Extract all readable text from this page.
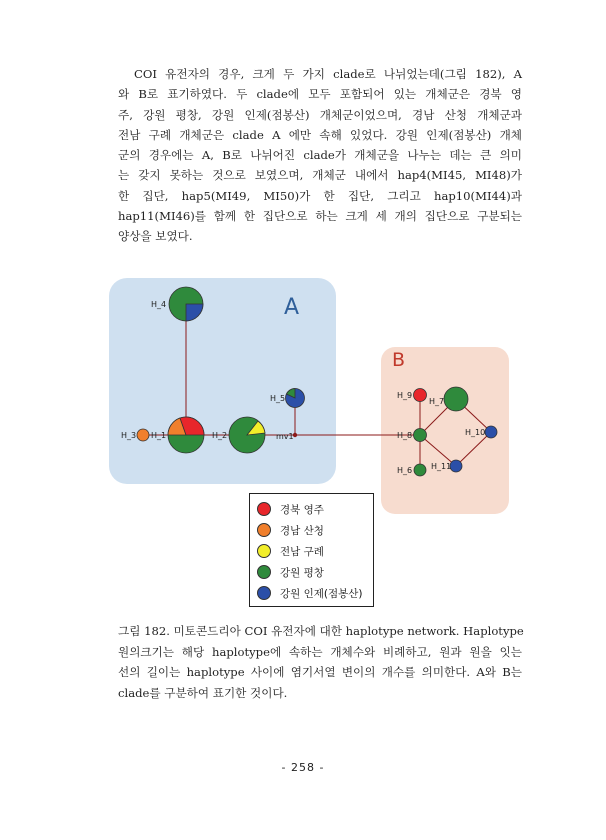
COI 유전자의 경우, 크게 두 가지 clade로 나뉘었는데(그림 182), A
와 B로 표기하였다. 두 clade에 모두 포함되어 있는 개체군은 경북 영
주, 강원 평창, 강원 인제(점봉산) 개체군이었으며, 경남 산청 개체군과
전남 구례 개체군은 clade A 에만 속해 있었다. 강원 인제(점봉산) 개체
군의 경우에는 A, B로 나뉘어진 clade가 개체군을 나누는 데는 큰 의미
는 갖지 못하는 것으로 보였으며, 개체군 내에서 hap4(MI45, MI48)가
한 집단, hap5(MI49, MI50)가 한 집단, 그리고 hap10(MI44)과
hap11(MI46)를 함께 한 집단으로 하는 크게 세 개의 집단으로 구분되는
양상을 보였다.

A
B
mv1
H_4
H_5
H_3 H_1	H_2
H_9
H_7
H_8	H_10
H_11
H_6
경북 영주
경남 산청
전남 구례
강원 평창
강원 인제(점봉산)

그림 182. 미토콘드리아 COI 유전자에 대한 haplotype network. Haplotype
원의크기는 해당 haplotype에 속하는 개체수와 비례하고, 원과 원을 잇는
선의 길이는 haplotype 사이에 염기서열 변이의 개수를 의미한다. A와 B는
clade를 구분하여 표기한 것이다.

- 258 -
